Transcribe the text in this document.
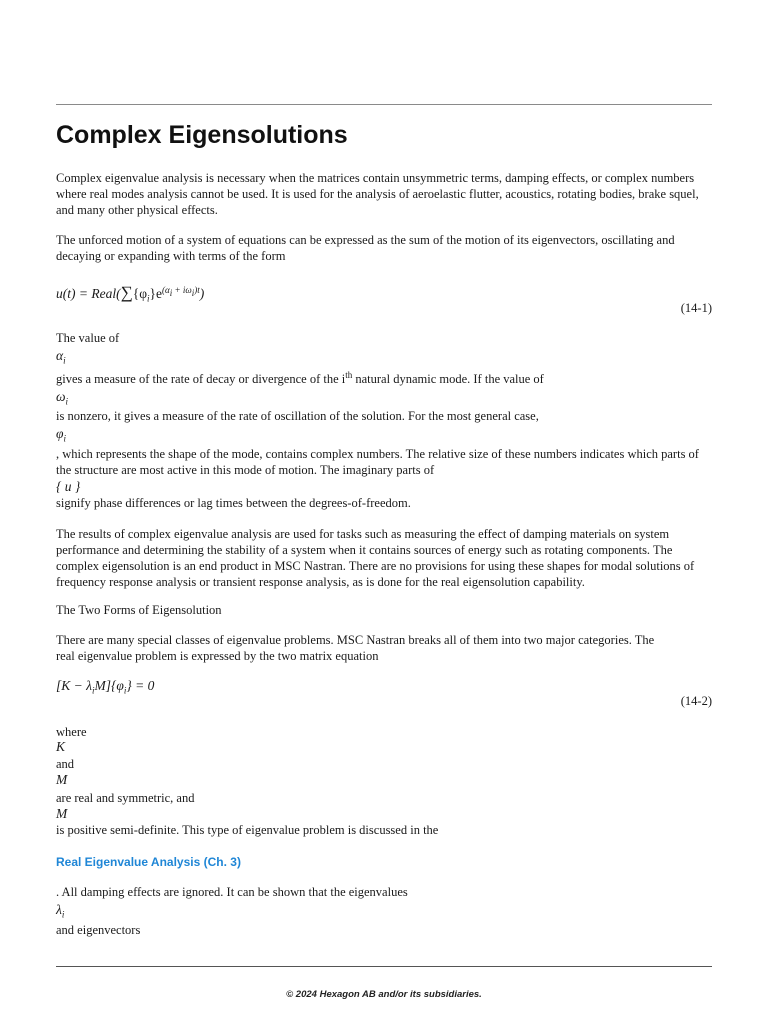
Complex Eigensolutions
Complex eigenvalue analysis is necessary when the matrices contain unsymmetric terms, damping effects, or complex numbers where real modes analysis cannot be used. It is used for the analysis of aeroelastic flutter, acoustics, rotating bodies, brake squel, and many other physical effects.
The unforced motion of a system of equations can be expressed as the sum of the motion of its eigenvectors, oscillating and decaying or expanding with terms of the form
$u(t) = Real(\sum\{\varphi_i\}e^{(\alpha_i + i\omega_i)t})$
(14-1)
The value of
$\alpha_i$
gives a measure of the rate of decay or divergence of the $i^{th}$ natural dynamic mode. If the value of
$\omega_i$
is nonzero, it gives a measure of the rate of oscillation of the solution. For the most general case,
$\varphi_i$
, which represents the shape of the mode, contains complex numbers. The relative size of these numbers indicates which parts of the structure are most active in this mode of motion. The imaginary parts of
{ u }
signify phase differences or lag times between the degrees-of-freedom.
The results of complex eigenvalue analysis are used for tasks such as measuring the effect of damping materials on system performance and determining the stability of a system when it contains sources of energy such as rotating components. The complex eigensolution is an end product in MSC Nastran. There are no provisions for using these shapes for modal solutions of frequency response analysis or transient response analysis, as is done for the real eigensolution capability.
The Two Forms of Eigensolution
There are many special classes of eigenvalue problems. MSC Nastran breaks all of them into two major categories. The
real eigenvalue problem is expressed by the two matrix equation
$[K - \lambda_iM]\{\varphi_i\} = 0$
(14-2)
where
K
and
M
are real and symmetric, and
M
is positive semi-definite. This type of eigenvalue problem is discussed in the
Real Eigenvalue Analysis (Ch. 3)
. All damping effects are ignored. It can be shown that the eigenvalues
$\lambda_i$
and eigenvectors
© 2024 Hexagon AB and/or its subsidiaries.
